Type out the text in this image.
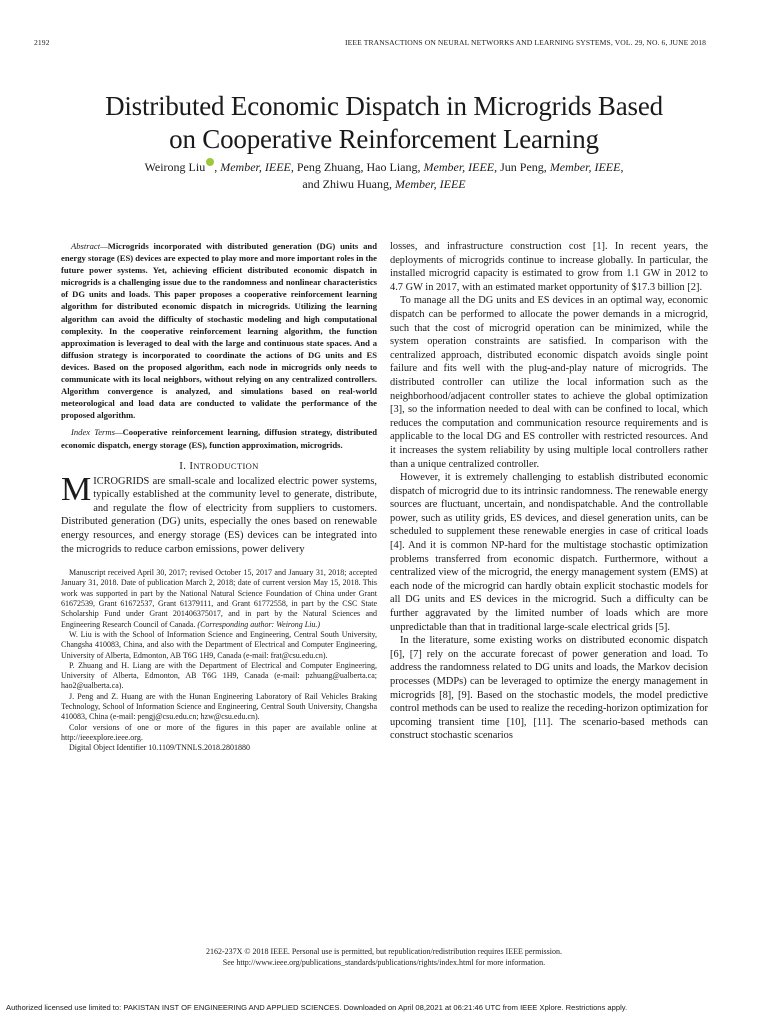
2192	IEEE TRANSACTIONS ON NEURAL NETWORKS AND LEARNING SYSTEMS, VOL. 29, NO. 6, JUNE 2018
Distributed Economic Dispatch in Microgrids Based
on Cooperative Reinforcement Learning
Weirong Liu , Member, IEEE, Peng Zhuang, Hao Liang, Member, IEEE, Jun Peng, Member, IEEE,
and Zhiwu Huang, Member, IEEE

Abstract—Microgrids incorporated with distributed generation (DG) units and energy storage (ES) devices are expected to play more and more important roles in the future power systems. Yet, achieving efficient distributed economic dispatch in microgrids is a challenging issue due to the randomness and nonlinear characteristics of DG units and loads. This paper proposes a cooperative reinforcement learning algorithm for distributed economic dispatch in microgrids. Utilizing the learning algorithm can avoid the difficulty of stochastic modeling and high computational complexity. In the cooperative reinforcement learning algorithm, the function approximation is leveraged to deal with the large and continuous state spaces. And a diffusion strategy is incorporated to coordinate the actions of DG units and ES devices. Based on the proposed algorithm, each node in microgrids only needs to communicate with its local neighbors, without relying on any centralized controllers. Algorithm convergence is analyzed, and simulations based on real-world meteorological and load data are conducted to validate the performance of the proposed algorithm.

Index Terms—Cooperative reinforcement learning, diffusion strategy, distributed economic dispatch, energy storage (ES), function approximation, microgrids.

I. INTRODUCTION

MICROGRIDS are small-scale and localized electric power systems, typically established at the community level to generate, distribute, and regulate the flow of electricity from suppliers to customers. Distributed generation (DG) units, especially the ones based on renewable energy resources, and energy storage (ES) devices can be integrated into the microgrids to reduce carbon emissions, power delivery

Manuscript received April 30, 2017; revised October 15, 2017 and January 31, 2018; accepted January 31, 2018. Date of publication March 2, 2018; date of current version May 15, 2018. This work was supported in part by the National Natural Science Foundation of China under Grant 61672539, Grant 61672537, Grant 61379111, and Grant 61772558, in part by the CSC State Scholarship Fund under Grant 201406375017, and in part by the Natural Sciences and Engineering Research Council of Canada. (Corresponding author: Weirong Liu.)

W. Liu is with the School of Information Science and Engineering, Central South University, Changsha 410083, China, and also with the Department of Electrical and Computer Engineering, University of Alberta, Edmonton, AB T6G 1H9, Canada (e-mail: frat@csu.edu.cn).

P. Zhuang and H. Liang are with the Department of Electrical and Computer Engineering, University of Alberta, Edmonton, AB T6G 1H9, Canada (e-mail: pzhuang@ualberta.ca; hao2@ualberta.ca).

J. Peng and Z. Huang are with the Hunan Engineering Laboratory of Rail Vehicles Braking Technology, School of Information Science and Engineering, Central South University, Changsha 410083, China (e-mail: pengj@csu.edu.cn; hzw@csu.edu.cn).

Color versions of one or more of the figures in this paper are available online at http://ieeexplore.ieee.org.

Digital Object Identifier 10.1109/TNNLS.2018.2801880

losses, and infrastructure construction cost [1]. In recent years, the deployments of microgrids continue to increase globally. In particular, the installed microgrid capacity is estimated to grow from 1.1 GW in 2012 to 4.7 GW in 2017, with an estimated market opportunity of $17.3 billion [2].

To manage all the DG units and ES devices in an optimal way, economic dispatch can be performed to allocate the power demands in a microgrid, such that the cost of microgrid operation can be minimized, while the system operation constraints are satisfied. In comparison with the centralized approach, distributed economic dispatch avoids single point failure and fits well with the plug-and-play nature of microgrids. The distributed controller can utilize the local information such as the neighborhood/adjacent controller states to achieve the global optimization [3], so the information needed to deal with can be confined to local, which reduces the computation and communication resource requirements and is applicable to the local DG and ES controller with restricted resources. And it increases the system reliability by using multiple local controllers rather than a unique centralized controller.

However, it is extremely challenging to establish distributed economic dispatch of microgrid due to its intrinsic randomness. The renewable energy sources are fluctuant, uncertain, and nondispatchable. And the controllable power, such as utility grids, ES devices, and diesel generation units, can be scheduled to supplement these renewable energies in case of critical loads [4]. And it is common NP-hard for the multistage stochastic optimization problems transferred from economic dispatch. Furthermore, without a centralized view of the microgrid, the energy management system (EMS) at each node of the microgrid can hardly obtain explicit stochastic models for all DG units and ES devices in the microgrid. Such a difficulty can be further aggravated by the limited number of loads which are more unpredictable than that in traditional large-scale electrical grids [5].

In the literature, some existing works on distributed economic dispatch [6], [7] rely on the accurate forecast of power generation and load. To address the randomness related to DG units and loads, the Markov decision processes (MDPs) can be leveraged to optimize the energy management in microgrids [8], [9]. Based on the stochastic models, the model predictive control methods can be used to realize the receding-horizon optimization for upcoming transient time [10], [11]. The scenario-based methods can construct stochastic scenarios

2162-237X © 2018 IEEE. Personal use is permitted, but republication/redistribution requires IEEE permission.
See http://www.ieee.org/publications_standards/publications/rights/index.html for more information.
Authorized licensed use limited to: PAKISTAN INST OF ENGINEERING AND APPLIED SCIENCES. Downloaded on April 08,2021 at 06:21:46 UTC from IEEE Xplore. Restrictions apply.
